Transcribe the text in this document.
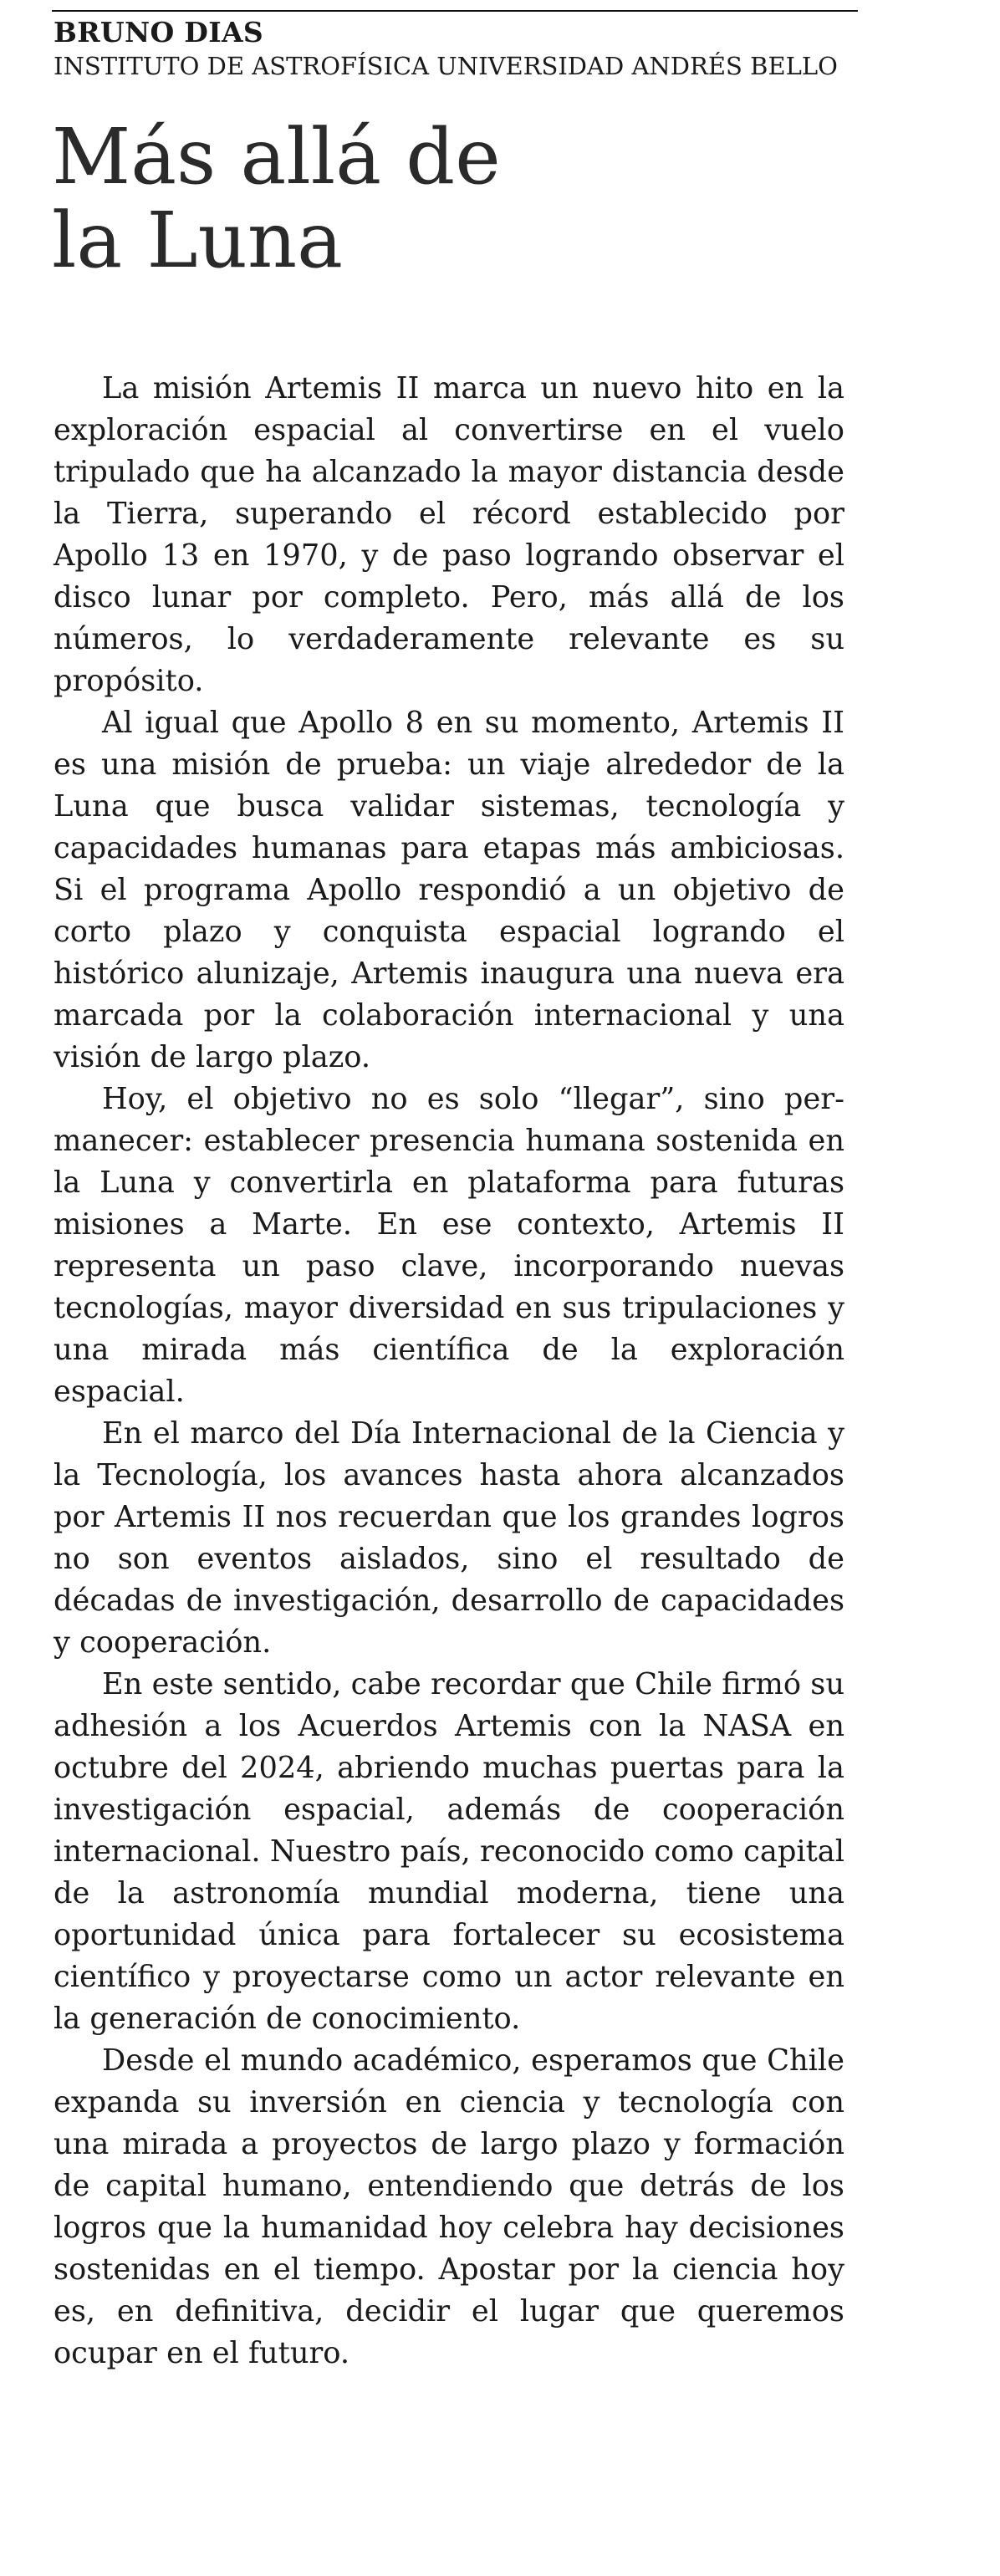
BRUNO DIAS
INSTITUTO DE ASTROFÍSICA UNIVERSIDAD ANDRÉS BELLO
Más allá de
la Luna

La misión Artemis II marca un nuevo hito en la exploración espacial al convertirse en el vuelo tripulado que ha alcanzado la mayor distancia desde la Tierra, superando el récord establecido por Apollo 13 en 1970, y de paso logrando observar el disco lunar por completo. Pero, más allá de los números, lo verdaderamente relevante es su propósito.

Al igual que Apollo 8 en su momento, Artemis II es una misión de prueba: un viaje alrededor de la Luna que busca validar sistemas, tecnología y capacidades humanas para etapas más ambiciosas. Si el programa Apollo respondió a un objetivo de corto plazo y conquista espacial logrando el histórico alunizaje, Artemis inaugura una nueva era marcada por la colaboración internacional y una visión de largo plazo.

Hoy, el objetivo no es solo “llegar”, sino permanecer: establecer presencia humana sostenida en la Luna y convertirla en plataforma para futuras misiones a Marte. En ese contexto, Artemis II representa un paso clave, incorporando nuevas tecnologías, mayor diversidad en sus tripulaciones y una mirada más científica de la exploración espacial.

En el marco del Día Internacional de la Ciencia y la Tecnología, los avances hasta ahora alcanzados por Artemis II nos recuerdan que los grandes logros no son eventos aislados, sino el resultado de décadas de investigación, desarrollo de capacidades y cooperación.

En este sentido, cabe recordar que Chile firmó su adhesión a los Acuerdos Artemis con la NASA en octubre del 2024, abriendo muchas puertas para la investigación espacial, además de cooperación internacional. Nuestro país, reconocido como capital de la astronomía mundial moderna, tiene una oportunidad única para fortalecer su ecosistema científico y proyectarse como un actor relevante en la generación de conocimiento.

Desde el mundo académico, esperamos que Chile expanda su inversión en ciencia y tecnología con una mirada a proyectos de largo plazo y formación de capital humano, entendiendo que detrás de los logros que la humanidad hoy celebra hay decisiones sostenidas en el tiempo. Apostar por la ciencia hoy es, en definitiva, decidir el lugar que queremos ocupar en el futuro.
